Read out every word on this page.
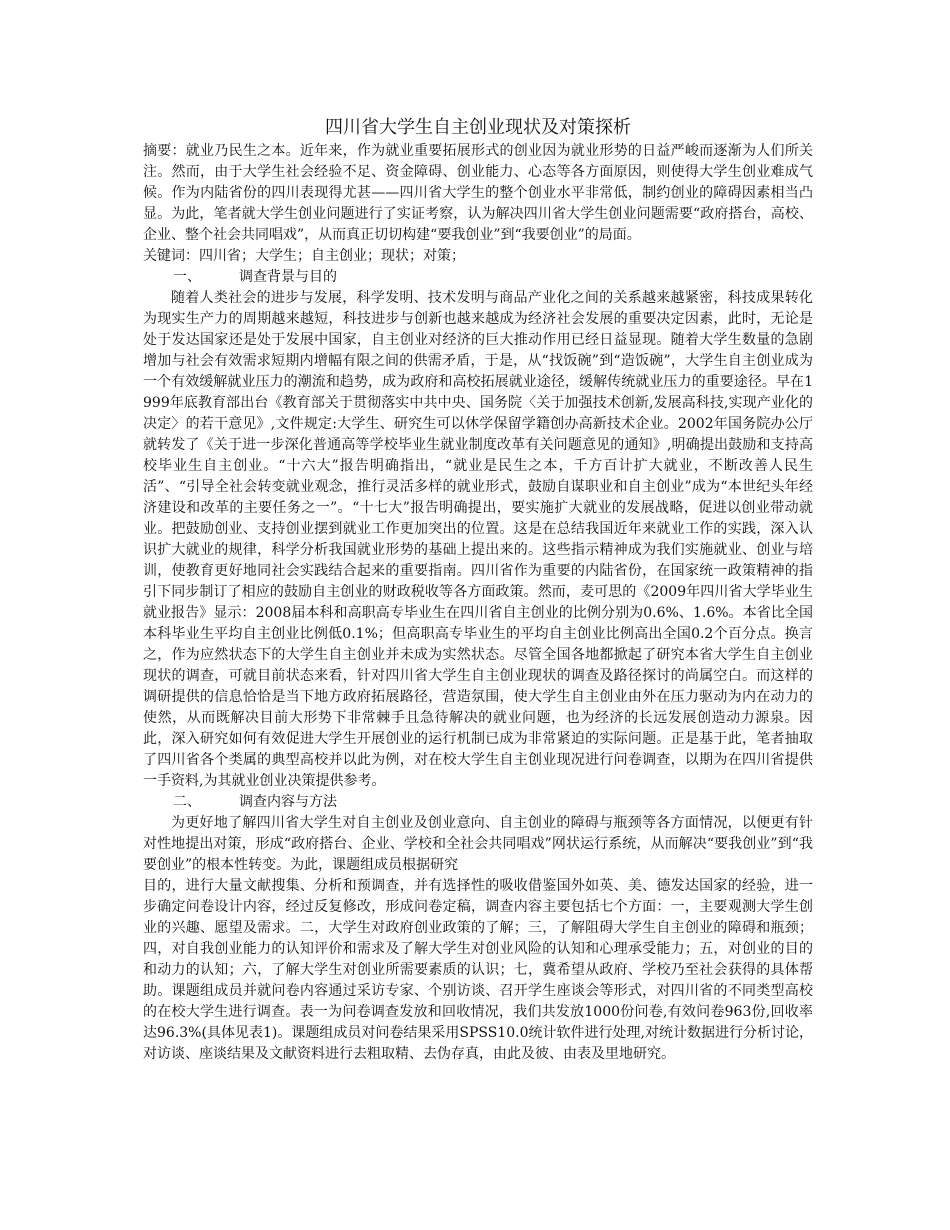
四川省大学生自主创业现状及对策探析

摘要：就业乃民生之本。近年来，作为就业重要拓展形式的创业因为就业形势的日益严峻而逐渐为人们所关注。然而，由于大学生社会经验不足、资金障碍、创业能力、心态等各方面原因，则使得大学生创业难成气候。作为内陆省份的四川表现得尤甚——四川省大学生的整个创业水平非常低，制约创业的障碍因素相当凸显。为此，笔者就大学生创业问题进行了实证考察，认为解决四川省大学生创业问题需要“政府搭台，高校、企业、整个社会共同唱戏”，从而真正切切构建“要我创业”到“我要创业”的局面。

关键词：四川省；大学生；自主创业；现状；对策；

一、	调查背景与目的

随着人类社会的进步与发展，科学发明、技术发明与商品产业化之间的关系越来越紧密，科技成果转化为现实生产力的周期越来越短，科技进步与创新也越来越成为经济社会发展的重要决定因素，此时，无论是处于发达国家还是处于发展中国家，自主创业对经济的巨大推动作用已经日益显现。随着大学生数量的急剧增加与社会有效需求短期内增幅有限之间的供需矛盾，于是，从“找饭碗”到“造饭碗”，大学生自主创业成为一个有效缓解就业压力的潮流和趋势，成为政府和高校拓展就业途径，缓解传统就业压力的重要途径。早在1999年底教育部出台《教育部关于贯彻落实中共中央、国务院〈关于加强技术创新,发展高科技,实现产业化的决定〉的若干意见》,文件规定:大学生、研究生可以休学保留学籍创办高新技术企业。2002年国务院办公厅就转发了《关于进一步深化普通高等学校毕业生就业制度改革有关问题意见的通知》,明确提出鼓励和支持高校毕业生自主创业。“十六大”报告明确指出，“就业是民生之本，千方百计扩大就业，不断改善人民生活”、“引导全社会转变就业观念，推行灵活多样的就业形式，鼓励自谋职业和自主创业”成为“本世纪头年经济建设和改革的主要任务之一”。“十七大”报告明确提出，要实施扩大就业的发展战略，促进以创业带动就业。把鼓励创业、支持创业摆到就业工作更加突出的位置。这是在总结我国近年来就业工作的实践，深入认识扩大就业的规律，科学分析我国就业形势的基础上提出来的。这些指示精神成为我们实施就业、创业与培训，使教育更好地同社会实践结合起来的重要指南。四川省作为重要的内陆省份，在国家统一政策精神的指引下同步制订了相应的鼓励自主创业的财政税收等各方面政策。然而，麦可思的《2009年四川省大学毕业生就业报告》显示：2008届本科和高职高专毕业生在四川省自主创业的比例分别为0.6%、1.6%。本省比全国本科毕业生平均自主创业比例低0.1%；但高职高专毕业生的平均自主创业比例高出全国0.2个百分点。换言之，作为应然状态下的大学生自主创业并未成为实然状态。尽管全国各地都掀起了研究本省大学生自主创业现状的调查，可就目前状态来看，针对四川省大学生自主创业现状的调查及路径探讨的尚属空白。而这样的调研提供的信息恰恰是当下地方政府拓展路径，营造氛围，使大学生自主创业由外在压力驱动为内在动力的使然，从而既解决目前大形势下非常棘手且急待解决的就业问题，也为经济的长远发展创造动力源泉。因此，深入研究如何有效促进大学生开展创业的运行机制已成为非常紧迫的实际问题。正是基于此，笔者抽取了四川省各个类属的典型高校并以此为例，对在校大学生自主创业现况进行问卷调查，以期为在四川省提供一手资料,为其就业创业决策提供参考。

二、	调查内容与方法

为更好地了解四川省大学生对自主创业及创业意向、自主创业的障碍与瓶颈等各方面情况，以便更有针对性地提出对策，形成“政府搭台、企业、学校和全社会共同唱戏”网状运行系统，从而解决“要我创业”到“我要创业”的根本性转变。为此，课题组成员根据研究

目的，进行大量文献搜集、分析和预调查，并有选择性的吸收借鉴国外如英、美、德发达国家的经验，进一步确定问卷设计内容，经过反复修改，形成问卷定稿，调查内容主要包括七个方面：一，主要观测大学生创业的兴趣、愿望及需求。二，大学生对政府创业政策的了解；三，了解阻碍大学生自主创业的障碍和瓶颈；四，对自我创业能力的认知评价和需求及了解大学生对创业风险的认知和心理承受能力；五，对创业的目的和动力的认知；六，了解大学生对创业所需要素质的认识；七，冀希望从政府、学校乃至社会获得的具体帮助。课题组成员并就问卷内容通过采访专家、个别访谈、召开学生座谈会等形式，对四川省的不同类型高校的在校大学生进行调查。表一为问卷调查发放和回收情况，我们共发放1000份问卷,有效问卷963份,回收率达96.3%(具体见表1)。课题组成员对问卷结果采用SPSS10.0统计软件进行处理,对统计数据进行分析讨论，对访谈、座谈结果及文献资料进行去粗取精、去伪存真，由此及彼、由表及里地研究。
